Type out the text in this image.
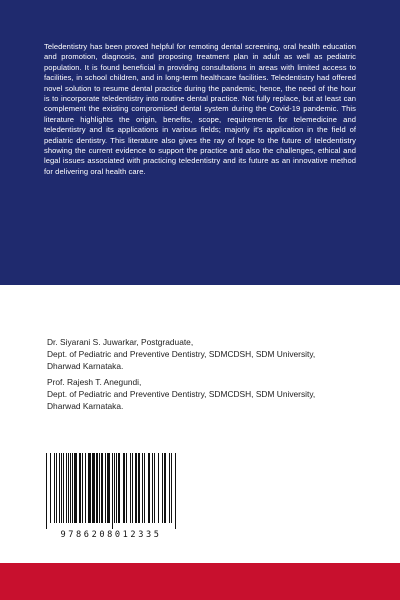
Teledentistry has been proved helpful for remoting dental screening, oral health education and promotion, diagnosis, and proposing treatment plan in adult as well as pediatric population. It is found beneficial in providing consultations in areas with limited access to facilities, in school children, and in long-term healthcare facilities. Teledentistry had offered novel solution to resume dental practice during the pandemic, hence, the need of the hour is to incorporate teledentistry into routine dental practice. Not fully replace, but at least can complement the existing compromised dental system during the Covid-19 pandemic. This literature highlights the origin, benefits, scope, requirements for telemedicine and teledentistry and its applications in various fields; majorly it's application in the field of pediatric dentistry. This literature also gives the ray of hope to the future of teledentistry showing the current evidence to support the practice and also the challenges, ethical and legal issues associated with practicing teledentistry and its future as an innovative method for delivering oral health care.

Dr. Siyarani S. Juwarkar, Postgraduate,
Dept. of Pediatric and Preventive Dentistry, SDMCDSH, SDM University,
Dharwad Karnataka.
Prof. Rajesh T. Anegundi,
Dept. of Pediatric and Preventive Dentistry, SDMCDSH, SDM University,
Dharwad Karnataka.
9786208012335
